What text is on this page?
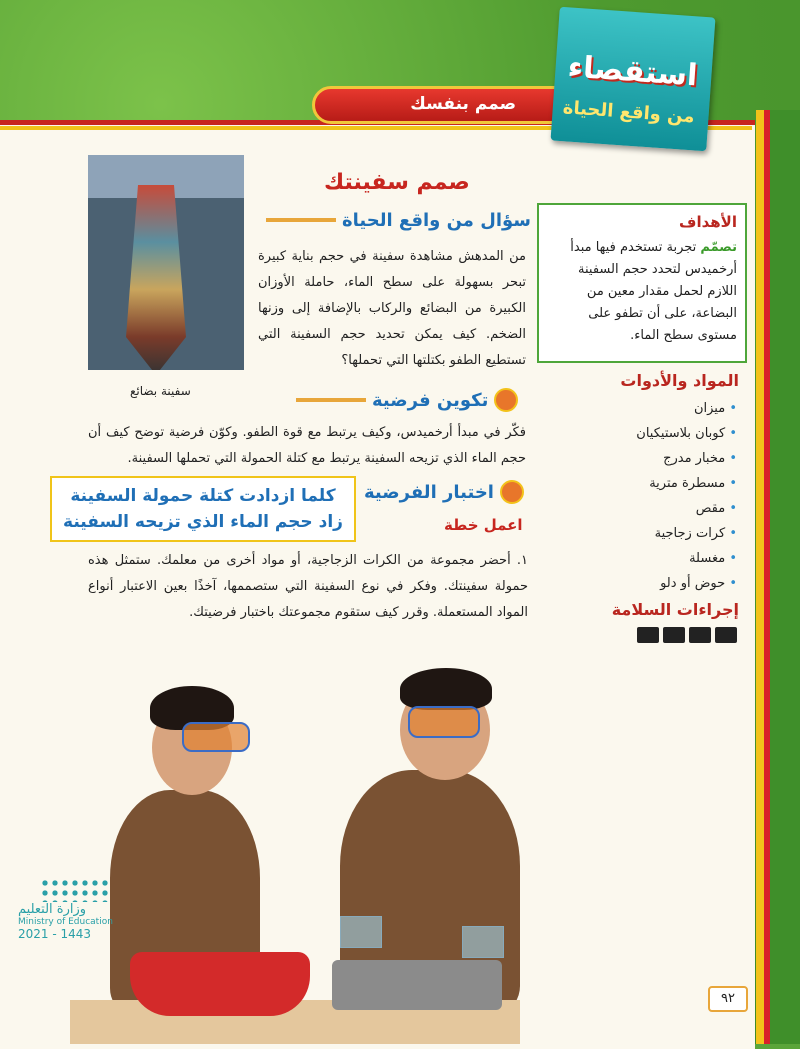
صمم بنفسك
استقصاء
من واقع الحياة
سفينة بضائع
صمم سفينتك
سؤال من واقع الحياة
من المدهش مشاهدة سفينة في حجم بناية كبيرة تبحر بسهولة على سطح الماء، حاملة الأوزان الكبيرة من البضائع والركاب بالإضافة إلى وزنها الضخم. كيف يمكن تحديد حجم السفينة التي تستطيع الطفو بكتلتها التي تحملها؟
تكوين فرضية
فكّر في مبدأ أرخميدس، وكيف يرتبط مع قوة الطفو. وكوّن فرضية توضح كيف أن حجم الماء الذي تزيحه السفينة يرتبط مع كتلة الحمولة التي تحملها السفينة.
اختبار الفرضية
كلما ازدادت كتلة حمولة السفينة زاد حجم الماء الذي تزيحه السفينة	اعمل خطة
١. أحضر مجموعة من الكرات الزجاجية، أو مواد أخرى من معلمك. ستمثل هذه حمولة سفينتك. وفكر في نوع السفينة التي ستصممها، آخذًا بعين الاعتبار أنواع المواد المستعملة. وقرر كيف ستقوم مجموعتك باختبار فرضيتك.
الأهداف
تصمّم تجربة تستخدم فيها مبدأ أرخميدس لتحدد حجم السفينة اللازم لحمل مقدار معين من البضاعة، على أن تطفو على مستوى سطح الماء.
المواد والأدوات
• ميزان
• كوبان بلاستيكيان
• مخبار مدرج
• مسطرة مترية
• مقص
• كرات زجاجية
• مغسلة
• حوض أو دلو
إجراءات السلامة
وزارة التعليم
Ministry of Education
2021 - 1443
٩٢
